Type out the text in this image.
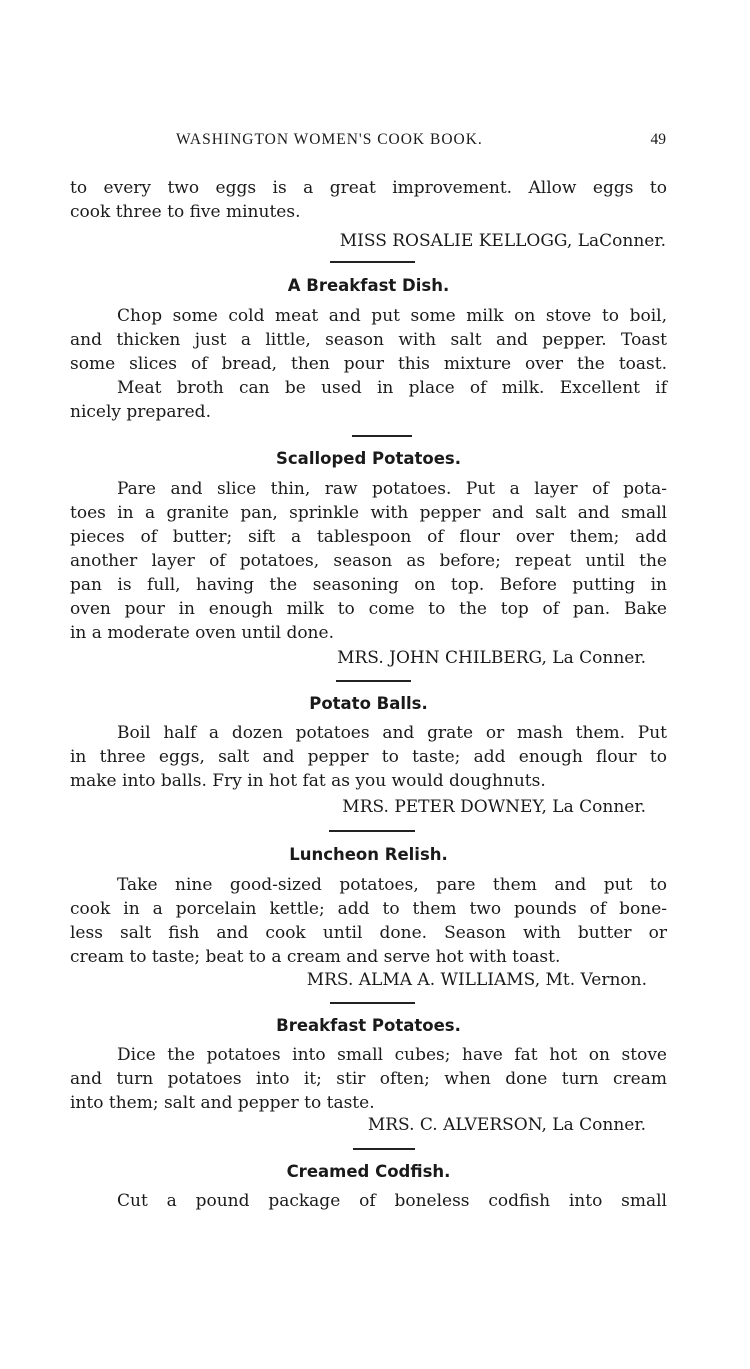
WASHINGTON WOMEN'S COOK BOOK.	49
to every two eggs is a great improvement. Allow eggs to
cook three to five minutes.
MISS ROSALIE KELLOGG, LaConner.
A Breakfast Dish.
Chop some cold meat and put some milk on stove to boil,
and thicken just a little, season with salt and pepper. Toast
some slices of bread, then pour this mixture over the toast.
Meat broth can be used in place of milk. Excellent if
nicely prepared.
Scalloped Potatoes.
Pare and slice thin, raw potatoes. Put a layer of pota-
toes in a granite pan, sprinkle with pepper and salt and small
pieces of butter; sift a tablespoon of flour over them; add
another layer of potatoes, season as before; repeat until the
pan is full, having the seasoning on top. Before putting in
oven pour in enough milk to come to the top of pan. Bake
in a moderate oven until done.
MRS. JOHN CHILBERG, La Conner.
Potato Balls.
Boil half a dozen potatoes and grate or mash them. Put
in three eggs, salt and pepper to taste; add enough flour to
make into balls. Fry in hot fat as you would doughnuts.
MRS. PETER DOWNEY, La Conner.
Luncheon Relish.
Take nine good-sized potatoes, pare them and put to
cook in a porcelain kettle; add to them two pounds of bone-
less salt fish and cook until done. Season with butter or
cream to taste; beat to a cream and serve hot with toast.
MRS. ALMA A. WILLIAMS, Mt. Vernon.
Breakfast Potatoes.
Dice the potatoes into small cubes; have fat hot on stove
and turn potatoes into it; stir often; when done turn cream
into them; salt and pepper to taste.
MRS. C. ALVERSON, La Conner.
Creamed Codfish.
Cut a pound package of boneless codfish into small
